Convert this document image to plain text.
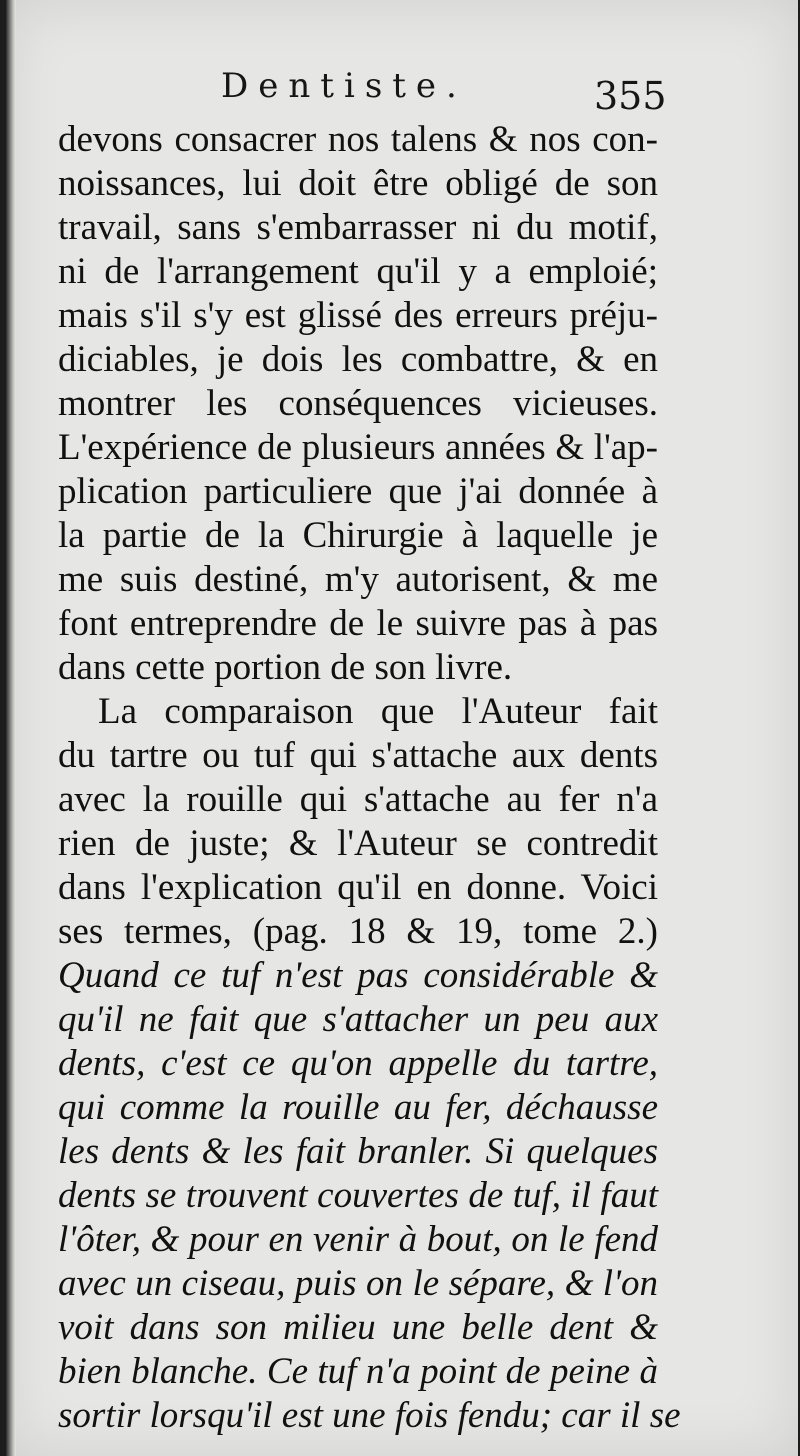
Dentiste.	355
devons consacrer nos talens & nos con-
noissances, lui doit être obligé de son
travail, sans s'embarrasser ni du motif,
ni de l'arrangement qu'il y a emploié;
mais s'il s'y est glissé des erreurs préju-
diciables, je dois les combattre, & en
montrer les conséquences vicieuses.
L'expérience de plusieurs années & l'ap-
plication particuliere que j'ai donnée à
la partie de la Chirurgie à laquelle je
me suis destiné, m'y autorisent, & me
font entreprendre de le suivre pas à pas
dans cette portion de son livre.
La comparaison que l'Auteur fait
du tartre ou tuf qui s'attache aux dents
avec la rouille qui s'attache au fer n'a
rien de juste; & l'Auteur se contredit
dans l'explication qu'il en donne. Voici
ses termes, (pag. 18 & 19, tome 2.)
Quand ce tuf n'est pas considérable &
qu'il ne fait que s'attacher un peu aux
dents, c'est ce qu'on appelle du tartre,
qui comme la rouille au fer, déchausse
les dents & les fait branler. Si quelques
dents se trouvent couvertes de tuf, il faut
l'ôter, & pour en venir à bout, on le fend
avec un ciseau, puis on le sépare, & l'on
voit dans son milieu une belle dent &
bien blanche. Ce tuf n'a point de peine à
sortir lorsqu'il est une fois fendu; car il se
